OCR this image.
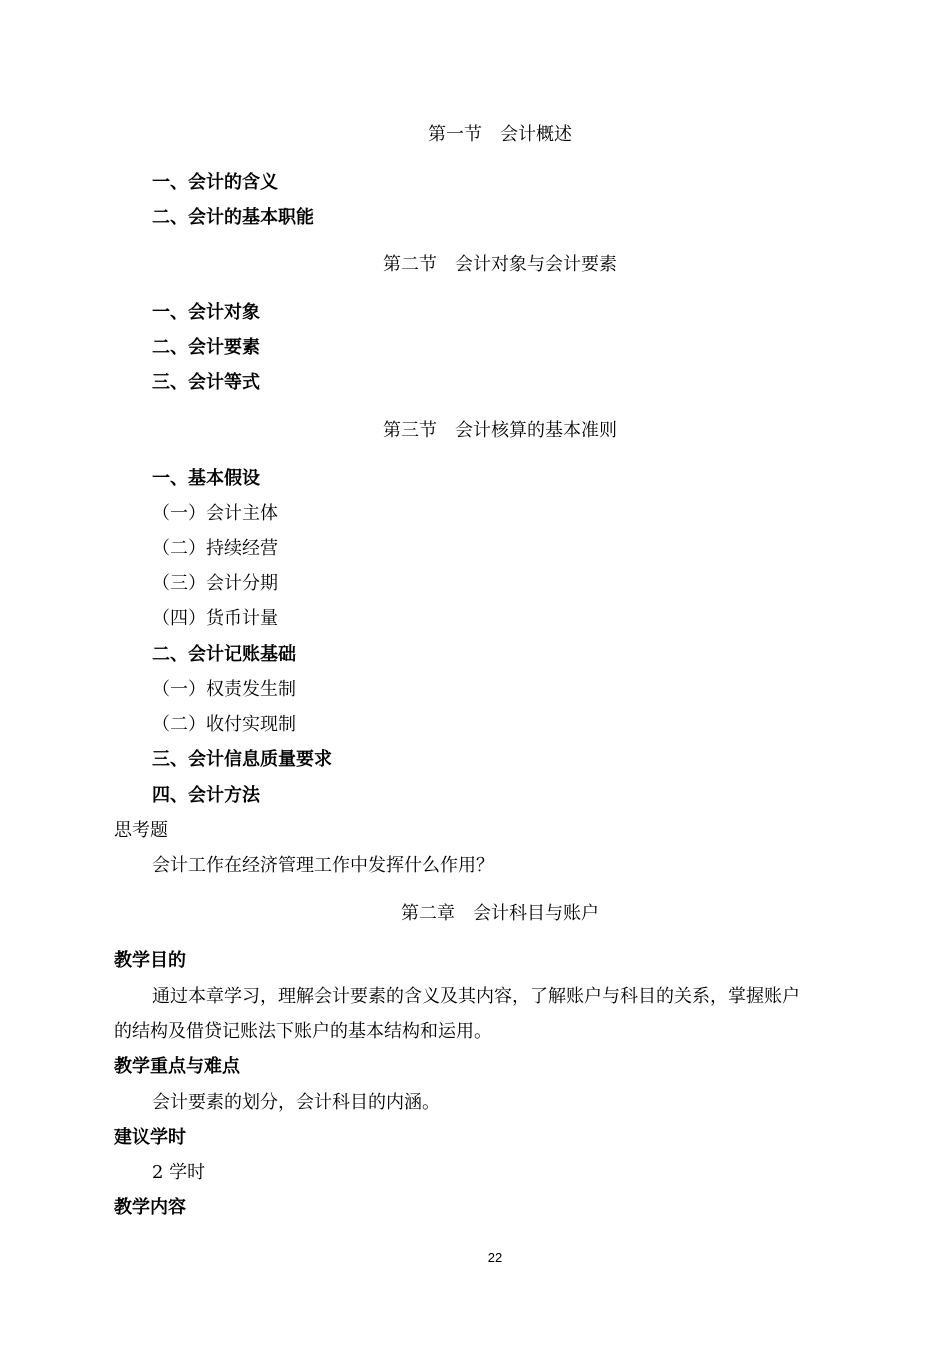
第一节　会计概述
一、会计的含义
二、会计的基本职能
第二节　会计对象与会计要素
一、会计对象
二、会计要素
三、会计等式
第三节　会计核算的基本准则
一、基本假设
（一）会计主体
（二）持续经营
（三）会计分期
（四）货币计量
二、会计记账基础
（一）权责发生制
（二）收付实现制
三、会计信息质量要求
四、会计方法
思考题
会计工作在经济管理工作中发挥什么作用？
第二章　会计科目与账户
教学目的
通过本章学习，理解会计要素的含义及其内容，了解账户与科目的关系，掌握账户
的结构及借贷记账法下账户的基本结构和运用。
教学重点与难点
会计要素的划分，会计科目的内涵。
建议学时
2 学时
教学内容
22
